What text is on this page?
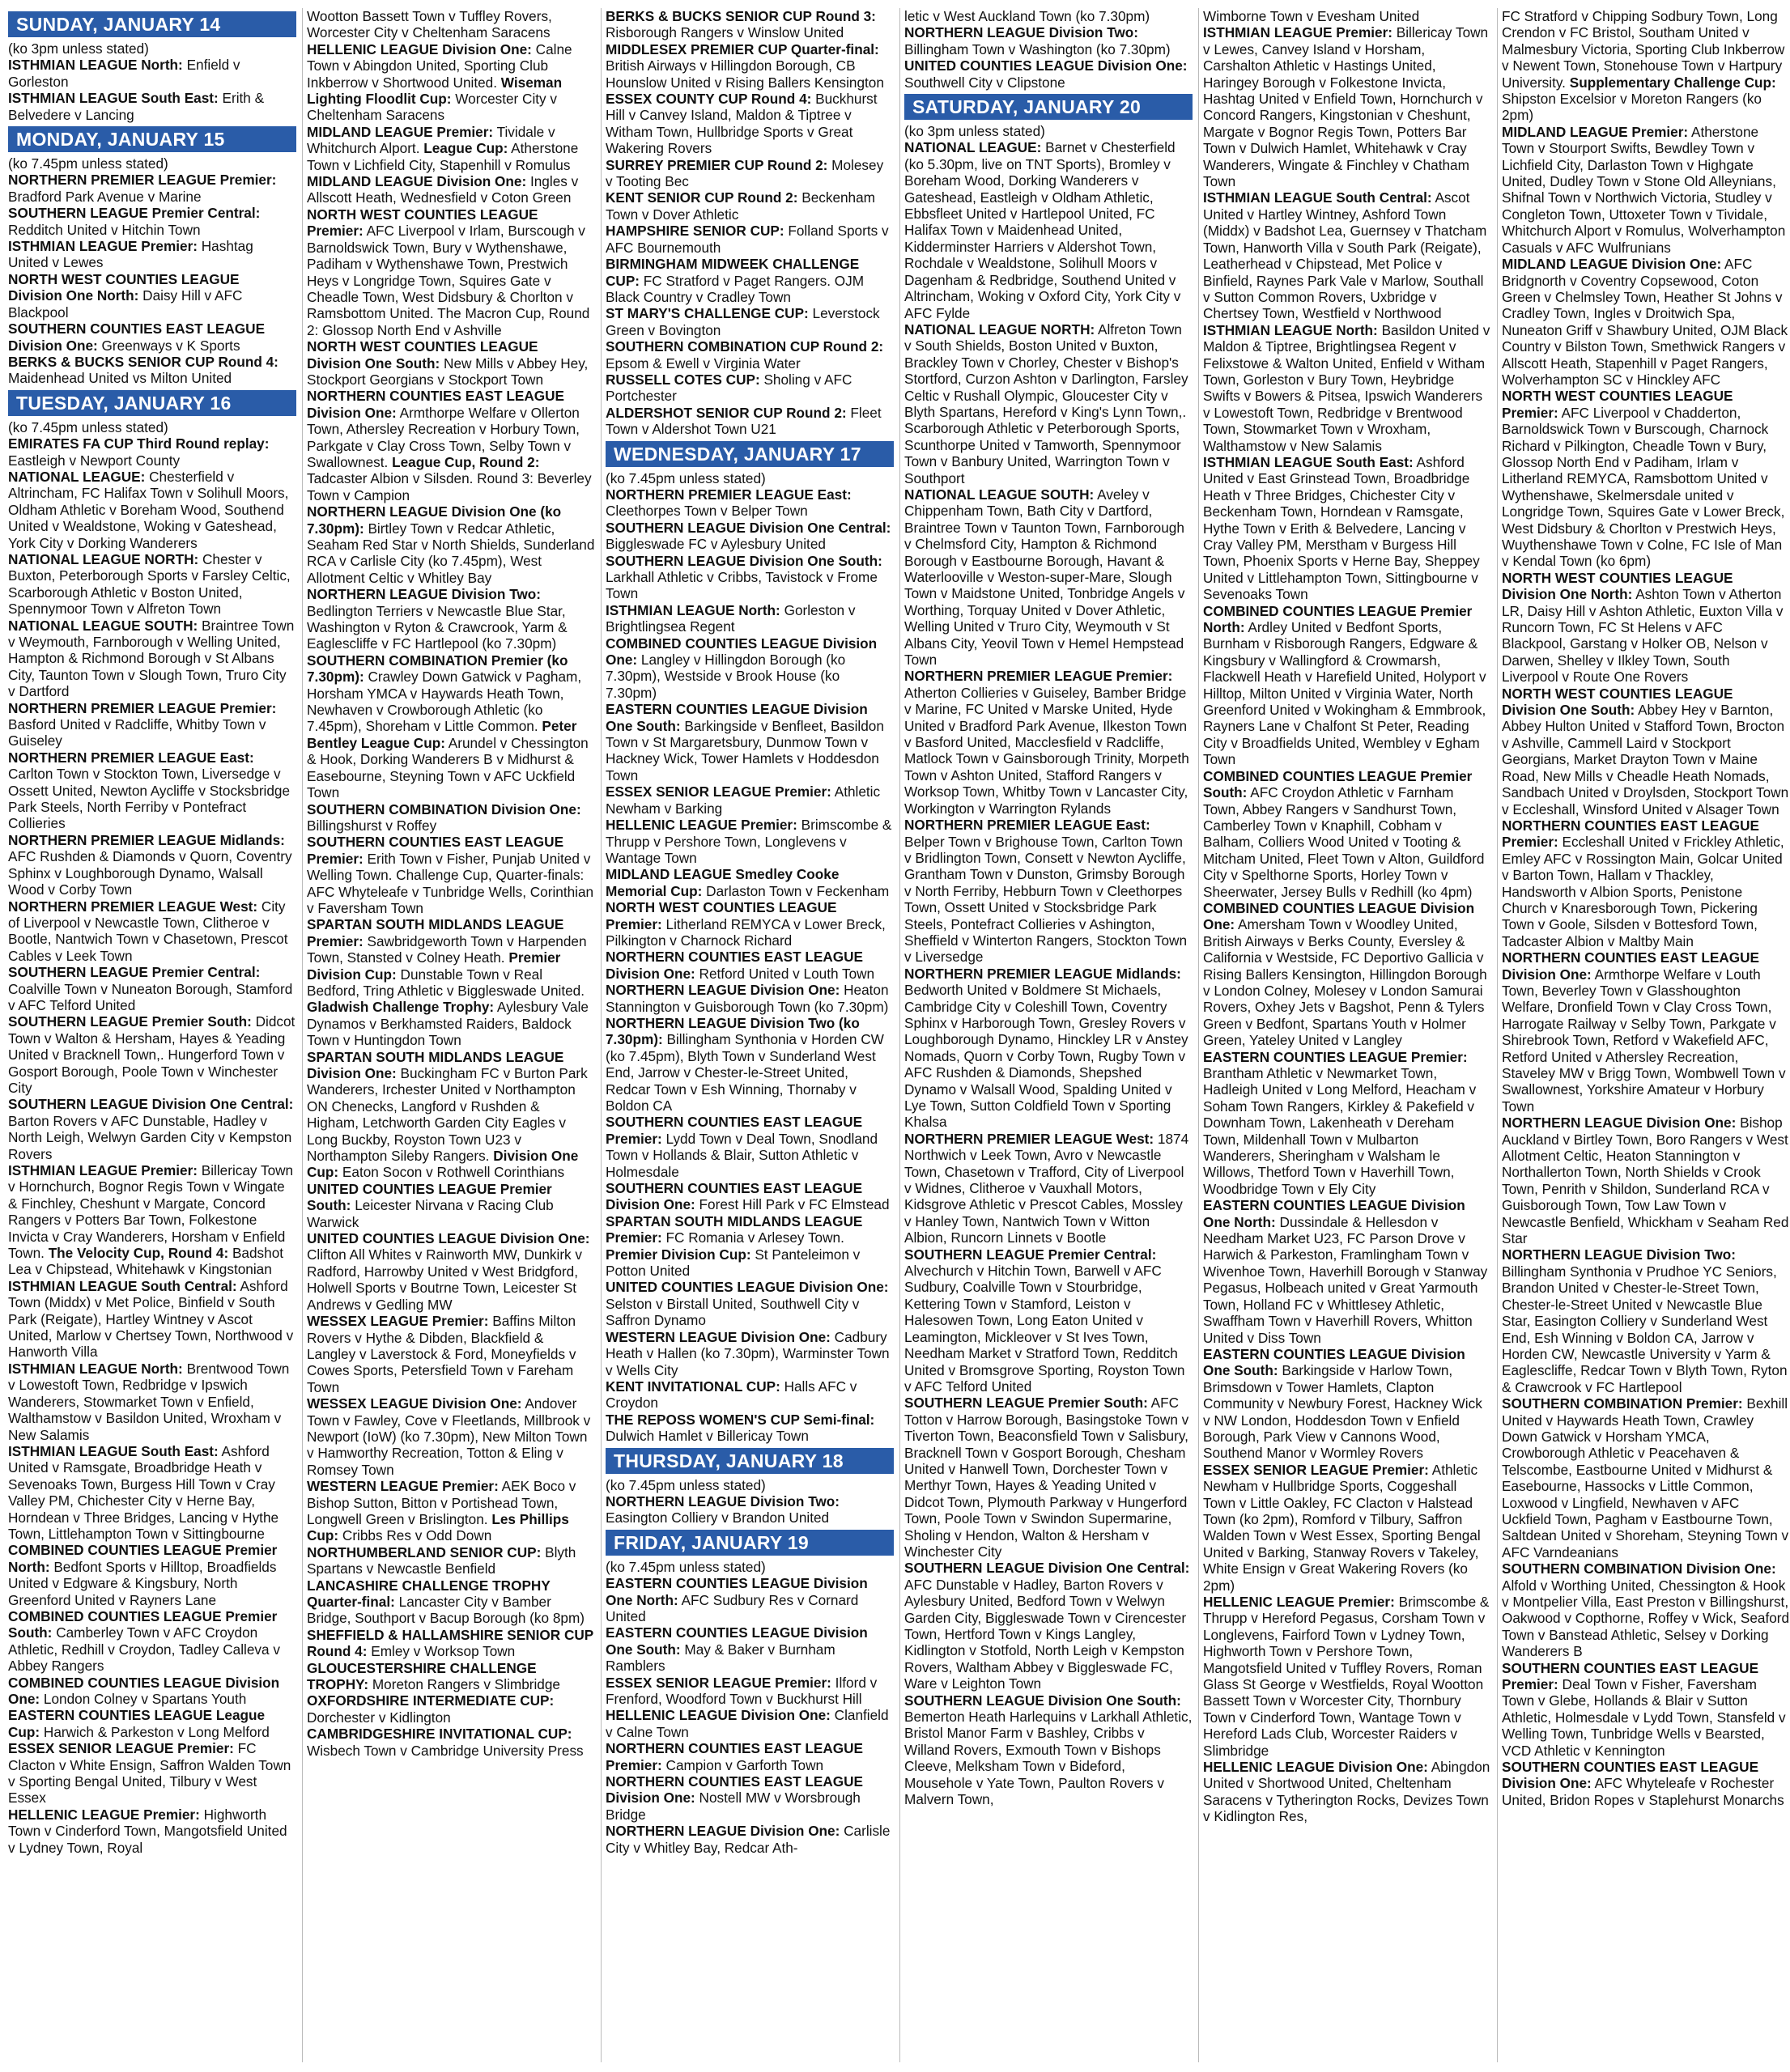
SUNDAY, JANUARY 14

(ko 3pm unless stated)

ISTHMIAN LEAGUE North: Enfield v Gorleston

ISTHMIAN LEAGUE South East: Erith & Belvedere v Lancing

MONDAY, JANUARY 15

(ko 7.45pm unless stated)

NORTHERN PREMIER LEAGUE Premier: Bradford Park Avenue v Marine

SOUTHERN LEAGUE Premier Central: Redditch United v Hitchin Town

ISTHMIAN LEAGUE Premier: Hashtag United v Lewes

NORTH WEST COUNTIES LEAGUE Division One North: Daisy Hill v AFC Blackpool

SOUTHERN COUNTIES EAST LEAGUE Division One: Greenways v K Sports

BERKS & BUCKS SENIOR CUP Round 4: Maidenhead United vs Milton United

TUESDAY, JANUARY 16

(ko 7.45pm unless stated)

EMIRATES FA CUP Third Round replay: Eastleigh v Newport County

NATIONAL LEAGUE: Chesterfield v Altrincham, FC Halifax Town v Solihull Moors, Oldham Athletic v Boreham Wood, Southend United v Wealdstone, Woking v Gateshead, York City v Dorking Wanderers

NATIONAL LEAGUE NORTH: Chester v Buxton, Peterborough Sports v Farsley Celtic, Scarborough Athletic v Boston United, Spennymoor Town v Alfreton Town

NATIONAL LEAGUE SOUTH: Braintree Town v Weymouth, Farnborough v Welling United, Hampton & Richmond Borough v St Albans City, Taunton Town v Slough Town, Truro City v Dartford

NORTHERN PREMIER LEAGUE Premier: Basford United v Radcliffe, Whitby Town v Guiseley

NORTHERN PREMIER LEAGUE East: Carlton Town v Stockton Town, Liversedge v Ossett United, Newton Aycliffe v Stocksbridge Park Steels, North Ferriby v Pontefract Collieries

NORTHERN PREMIER LEAGUE Midlands: AFC Rushden & Diamonds v Quorn, Coventry Sphinx v Loughborough Dynamo, Walsall Wood v Corby Town

NORTHERN PREMIER LEAGUE West: City of Liverpool v Newcastle Town, Clitheroe v Bootle, Nantwich Town v Chasetown, Prescot Cables v Leek Town

SOUTHERN LEAGUE Premier Central: Coalville Town v Nuneaton Borough, Stamford v AFC Telford United

SOUTHERN LEAGUE Premier South: Didcot Town v Walton & Hersham, Hayes & Yeading United v Bracknell Town,. Hungerford Town v Gosport Borough, Poole Town v Winchester City

SOUTHERN LEAGUE Division One Central: Barton Rovers v AFC Dunstable, Hadley v North Leigh, Welwyn Garden City v Kempston Rovers

ISTHMIAN LEAGUE Premier: Billericay Town v Hornchurch, Bognor Regis Town v Wingate & Finchley, Cheshunt v Margate, Concord Rangers v Potters Bar Town, Folkestone Invicta v Cray Wanderers, Horsham v Enfield Town. The Velocity Cup, Round 4: Badshot Lea v Chipstead, Whitehawk v Kingstonian

ISTHMIAN LEAGUE South Central: Ashford Town (Middx) v Met Police, Binfield v South Park (Reigate), Hartley Wintney v Ascot United, Marlow v Chertsey Town, Northwood v Hanworth Villa

ISTHMIAN LEAGUE North: Brentwood Town v Lowestoft Town, Redbridge v Ipswich Wanderers, Stowmarket Town v Enfield, Walthamstow v Basildon United, Wroxham v New Salamis

ISTHMIAN LEAGUE South East: Ashford United v Ramsgate, Broadbridge Heath v Sevenoaks Town, Burgess Hill Town v Cray Valley PM, Chichester City v Herne Bay, Horndean v Three Bridges, Lancing v Hythe Town, Littlehampton Town v Sittingbourne

COMBINED COUNTIES LEAGUE Premier North: Bedfont Sports v Hilltop, Broadfields United v Edgware & Kingsbury, North Greenford United v Rayners Lane

COMBINED COUNTIES LEAGUE Premier South: Camberley Town v AFC Croydon Athletic, Redhill v Croydon, Tadley Calleva v Abbey Rangers

COMBINED COUNTIES LEAGUE Division One: London Colney v Spartans Youth

EASTERN COUNTIES LEAGUE League Cup: Harwich & Parkeston v Long Melford

ESSEX SENIOR LEAGUE Premier: FC Clacton v White Ensign, Saffron Walden Town v Sporting Bengal United, Tilbury v West Essex

HELLENIC LEAGUE Premier: Highworth Town v Cinderford Town, Mangotsfield United v Lydney Town, Royal

Wootton Bassett Town v Tuffley Rovers, Worcester City v Cheltenham Saracens

HELLENIC LEAGUE Division One: Calne Town v Abingdon United, Sporting Club Inkberrow v Shortwood United. Wiseman Lighting Floodlit Cup: Worcester City v Cheltenham Saracens

MIDLAND LEAGUE Premier: Tividale v Whitchurch Alport. League Cup: Atherstone Town v Lichfield City, Stapenhill v Romulus

MIDLAND LEAGUE Division One: Ingles v Allscott Heath, Wednesfield v Coton Green

NORTH WEST COUNTIES LEAGUE Premier: AFC Liverpool v Irlam, Burscough v Barnoldswick Town, Bury v Wythenshawe, Padiham v Wythenshawe Town, Prestwich Heys v Longridge Town, Squires Gate v Cheadle Town, West Didsbury & Chorlton v Ramsbottom United. The Macron Cup, Round 2: Glossop North End v Ashville

NORTH WEST COUNTIES LEAGUE Division One South: New Mills v Abbey Hey, Stockport Georgians v Stockport Town

NORTHERN COUNTIES EAST LEAGUE Division One: Armthorpe Welfare v Ollerton Town, Athersley Recreation v Horbury Town, Parkgate v Clay Cross Town, Selby Town v Swallownest. League Cup, Round 2: Tadcaster Albion v Silsden. Round 3: Beverley Town v Campion

NORTHERN LEAGUE Division One (ko 7.30pm): Birtley Town v Redcar Athletic, Seaham Red Star v North Shields, Sunderland RCA v Carlisle City (ko 7.45pm), West Allotment Celtic v Whitley Bay

NORTHERN LEAGUE Division Two: Bedlington Terriers v Newcastle Blue Star, Washington v Ryton & Crawcrook, Yarm & Eaglescliffe v FC Hartlepool (ko 7.30pm)

SOUTHERN COMBINATION Premier (ko 7.30pm): Crawley Down Gatwick v Pagham, Horsham YMCA v Haywards Heath Town, Newhaven v Crowborough Athletic (ko 7.45pm), Shoreham v Little Common. Peter Bentley League Cup: Arundel v Chessington & Hook, Dorking Wanderers B v Midhurst & Easebourne, Steyning Town v AFC Uckfield Town

SOUTHERN COMBINATION Division One: Billingshurst v Roffey

SOUTHERN COUNTIES EAST LEAGUE Premier: Erith Town v Fisher, Punjab United v Welling Town. Challenge Cup, Quarter-finals: AFC Whyteleafe v Tunbridge Wells, Corinthian v Faversham Town

SPARTAN SOUTH MIDLANDS LEAGUE Premier: Sawbridgeworth Town v Harpenden Town, Stansted v Colney Heath. Premier Division Cup: Dunstable Town v Real Bedford, Tring Athletic v Biggleswade United. Gladwish Challenge Trophy: Aylesbury Vale Dynamos v Berkhamsted Raiders, Baldock Town v Huntingdon Town

SPARTAN SOUTH MIDLANDS LEAGUE Division One: Buckingham FC v Burton Park Wanderers, Irchester United v Northampton ON Chenecks, Langford v Rushden & Higham, Letchworth Garden City Eagles v Long Buckby, Royston Town U23 v Northampton Sileby Rangers. Division One Cup: Eaton Socon v Rothwell Corinthians

UNITED COUNTIES LEAGUE Premier South: Leicester Nirvana v Racing Club Warwick

UNITED COUNTIES LEAGUE Division One: Clifton All Whites v Rainworth MW, Dunkirk v Radford, Harrowby United v West Bridgford, Holwell Sports v Boutrne Town, Leicester St Andrews v Gedling MW

WESSEX LEAGUE Premier: Baffins Milton Rovers v Hythe & Dibden, Blackfield & Langley v Laverstock & Ford, Moneyfields v Cowes Sports, Petersfield Town v Fareham Town

WESSEX LEAGUE Division One: Andover Town v Fawley, Cove v Fleetlands, Millbrook v Newport (IoW) (ko 7.30pm), New Milton Town v Hamworthy Recreation, Totton & Eling v Romsey Town

WESTERN LEAGUE Premier: AEK Boco v Bishop Sutton, Bitton v Portishead Town, Longwell Green v Brislington. Les Phillips Cup: Cribbs Res v Odd Down

NORTHUMBERLAND SENIOR CUP: Blyth Spartans v Newcastle Benfield

LANCASHIRE CHALLENGE TROPHY Quarter-final: Lancaster City v Bamber Bridge, Southport v Bacup Borough (ko 8pm)

SHEFFIELD & HALLAMSHIRE SENIOR CUP Round 4: Emley v Worksop Town

GLOUCESTERSHIRE CHALLENGE TROPHY: Moreton Rangers v Slimbridge

OXFORDSHIRE INTERMEDIATE CUP: Dorchester v Kidlington

CAMBRIDGESHIRE INVITATIONAL CUP: Wisbech Town v Cambridge University Press

BERKS & BUCKS SENIOR CUP Round 3: Risborough Rangers v Winslow United

MIDDLESEX PREMIER CUP Quarter-final: British Airways v Hillingdon Borough, CB Hounslow United v Rising Ballers Kensington

ESSEX COUNTY CUP Round 4: Buckhurst Hill v Canvey Island, Maldon & Tiptree v Witham Town, Hullbridge Sports v Great Wakering Rovers

SURREY PREMIER CUP Round 2: Molesey v Tooting Bec

KENT SENIOR CUP Round 2: Beckenham Town v Dover Athletic

HAMPSHIRE SENIOR CUP: Folland Sports v AFC Bournemouth

BIRMINGHAM MIDWEEK CHALLENGE CUP: FC Stratford v Paget Rangers. OJM Black Country v Cradley Town

ST MARY'S CHALLENGE CUP: Leverstock Green v Bovington

SOUTHERN COMBINATION CUP Round 2: Epsom & Ewell v Virginia Water

RUSSELL COTES CUP: Sholing v AFC Portchester

ALDERSHOT SENIOR CUP Round 2: Fleet Town v Aldershot Town U21

WEDNESDAY, JANUARY 17

(ko 7.45pm unless stated)

NORTHERN PREMIER LEAGUE East: Cleethorpes Town v Belper Town

SOUTHERN LEAGUE Division One Central: Biggleswade FC v Aylesbury United

SOUTHERN LEAGUE Division One South: Larkhall Athletic v Cribbs, Tavistock v Frome Town

ISTHMIAN LEAGUE North: Gorleston v Brightlingsea Regent

COMBINED COUNTIES LEAGUE Division One: Langley v Hillingdon Borough (ko 7.30pm), Westside v Brook House (ko 7.30pm)

EASTERN COUNTIES LEAGUE Division One South: Barkingside v Benfleet, Basildon Town v St Margaretsbury, Dunmow Town v Hackney Wick, Tower Hamlets v Hoddesdon Town

ESSEX SENIOR LEAGUE Premier: Athletic Newham v Barking

HELLENIC LEAGUE Premier: Brimscombe & Thrupp v Pershore Town, Longlevens v Wantage Town

MIDLAND LEAGUE Smedley Cooke Memorial Cup: Darlaston Town v Feckenham

NORTH WEST COUNTIES LEAGUE Premier: Litherland REMYCA v Lower Breck, Pilkington v Charnock Richard

NORTHERN COUNTIES EAST LEAGUE Division One: Retford United v Louth Town

NORTHERN LEAGUE Division One: Heaton Stannington v Guisborough Town (ko 7.30pm)

NORTHERN LEAGUE Division Two (ko 7.30pm): Billingham Synthonia v Horden CW (ko 7.45pm), Blyth Town v Sunderland West End, Jarrow v Chester-le-Street United, Redcar Town v Esh Winning, Thornaby v Boldon CA

SOUTHERN COUNTIES EAST LEAGUE Premier: Lydd Town v Deal Town, Snodland Town v Hollands & Blair, Sutton Athletic v Holmesdale

SOUTHERN COUNTIES EAST LEAGUE Division One: Forest Hill Park v FC Elmstead

SPARTAN SOUTH MIDLANDS LEAGUE Premier: FC Romania v Arlesey Town. Premier Division Cup: St Panteleimon v Potton United

UNITED COUNTIES LEAGUE Division One: Selston v Birstall United, Southwell City v Saffron Dynamo

WESTERN LEAGUE Division One: Cadbury Heath v Hallen (ko 7.30pm), Warminster Town v Wells City

KENT INVITATIONAL CUP: Halls AFC v Croydon

THE REPOSS WOMEN'S CUP Semi-final: Dulwich Hamlet v Billericay Town

THURSDAY, JANUARY 18

(ko 7.45pm unless stated)

NORTHERN LEAGUE Division Two: Easington Colliery v Brandon United

FRIDAY, JANUARY 19

(ko 7.45pm unless stated)

EASTERN COUNTIES LEAGUE Division One North: AFC Sudbury Res v Cornard United

EASTERN COUNTIES LEAGUE Division One South: May & Baker v Burnham Ramblers

ESSEX SENIOR LEAGUE Premier: Ilford v Frenford, Woodford Town v Buckhurst Hill

HELLENIC LEAGUE Division One: Clanfield v Calne Town

NORTHERN COUNTIES EAST LEAGUE Premier: Campion v Garforth Town

NORTHERN COUNTIES EAST LEAGUE Division One: Nostell MW v Worsbrough Bridge

NORTHERN LEAGUE Division One: Carlisle City v Whitley Bay, Redcar Ath-

letic v West Auckland Town (ko 7.30pm)

NORTHERN LEAGUE Division Two: Billingham Town v Washington (ko 7.30pm)

UNITED COUNTIES LEAGUE Division One: Southwell City v Clipstone

SATURDAY, JANUARY 20

(ko 3pm unless stated)

NATIONAL LEAGUE: Barnet v Chesterfield (ko 5.30pm, live on TNT Sports), Bromley v Boreham Wood, Dorking Wanderers v Gateshead, Eastleigh v Oldham Athletic, Ebbsfleet United v Hartlepool United, FC Halifax Town v Maidenhead United, Kidderminster Harriers v Aldershot Town, Rochdale v Wealdstone, Solihull Moors v Dagenham & Redbridge, Southend United v Altrincham, Woking v Oxford City, York City v AFC Fylde

NATIONAL LEAGUE NORTH: Alfreton Town v South Shields, Boston United v Buxton, Brackley Town v Chorley, Chester v Bishop's Stortford, Curzon Ashton v Darlington, Farsley Celtic v Rushall Olympic, Gloucester City v Blyth Spartans, Hereford v King's Lynn Town,. Scarborough Athletic v Peterborough Sports, Scunthorpe United v Tamworth, Spennymoor Town v Banbury United, Warrington Town v Southport

NATIONAL LEAGUE SOUTH: Aveley v Chippenham Town, Bath City v Dartford, Braintree Town v Taunton Town, Farnborough v Chelmsford City, Hampton & Richmond Borough v Eastbourne Borough, Havant & Waterlooville v Weston-super-Mare, Slough Town v Maidstone United, Tonbridge Angels v Worthing, Torquay United v Dover Athletic, Welling United v Truro City, Weymouth v St Albans City, Yeovil Town v Hemel Hempstead Town

NORTHERN PREMIER LEAGUE Premier: Atherton Collieries v Guiseley, Bamber Bridge v Marine, FC United v Marske United, Hyde United v Bradford Park Avenue, Ilkeston Town v Basford United, Macclesfield v Radcliffe, Matlock Town v Gainsborough Trinity, Morpeth Town v Ashton United, Stafford Rangers v Worksop Town, Whitby Town v Lancaster City, Workington v Warrington Rylands

NORTHERN PREMIER LEAGUE East: Belper Town v Brighouse Town, Carlton Town v Bridlington Town, Consett v Newton Aycliffe, Grantham Town v Dunston, Grimsby Borough v North Ferriby, Hebburn Town v Cleethorpes Town, Ossett United v Stocksbridge Park Steels, Pontefract Collieries v Ashington, Sheffield v Winterton Rangers, Stockton Town v Liversedge

NORTHERN PREMIER LEAGUE Midlands: Bedworth United v Boldmere St Michaels, Cambridge City v Coleshill Town, Coventry Sphinx v Harborough Town, Gresley Rovers v Loughborough Dynamo, Hinckley LR v Anstey Nomads, Quorn v Corby Town, Rugby Town v AFC Rushden & Diamonds, Shepshed Dynamo v Walsall Wood, Spalding United v Lye Town, Sutton Coldfield Town v Sporting Khalsa

NORTHERN PREMIER LEAGUE West: 1874 Northwich v Leek Town, Avro v Newcastle Town, Chasetown v Trafford, City of Liverpool v Widnes, Clitheroe v Vauxhall Motors, Kidsgrove Athletic v Prescot Cables, Mossley v Hanley Town, Nantwich Town v Witton Albion, Runcorn Linnets v Bootle

SOUTHERN LEAGUE Premier Central: Alvechurch v Hitchin Town, Barwell v AFC Sudbury, Coalville Town v Stourbridge, Kettering Town v Stamford, Leiston v Halesowen Town, Long Eaton United v Leamington, Mickleover v St Ives Town, Needham Market v Stratford Town, Redditch United v Bromsgrove Sporting, Royston Town v AFC Telford United

SOUTHERN LEAGUE Premier South: AFC Totton v Harrow Borough, Basingstoke Town v Tiverton Town, Beaconsfield Town v Salisbury, Bracknell Town v Gosport Borough, Chesham United v Hanwell Town, Dorchester Town v Merthyr Town, Hayes & Yeading United v Didcot Town, Plymouth Parkway v Hungerford Town, Poole Town v Swindon Supermarine, Sholing v Hendon, Walton & Hersham v Winchester City

SOUTHERN LEAGUE Division One Central: AFC Dunstable v Hadley, Barton Rovers v Aylesbury United, Bedford Town v Welwyn Garden City, Biggleswade Town v Cirencester Town, Hertford Town v Kings Langley, Kidlington v Stotfold, North Leigh v Kempston Rovers, Waltham Abbey v Biggleswade FC, Ware v Leighton Town

SOUTHERN LEAGUE Division One South: Bemerton Heath Harlequins v Larkhall Athletic, Bristol Manor Farm v Bashley, Cribbs v Willand Rovers, Exmouth Town v Bishops Cleeve, Melksham Town v Bideford, Mousehole v Yate Town, Paulton Rovers v Malvern Town,

Wimborne Town v Evesham United

ISTHMIAN LEAGUE Premier: Billericay Town v Lewes, Canvey Island v Horsham, Carshalton Athletic v Hastings United, Haringey Borough v Folkestone Invicta, Hashtag United v Enfield Town, Hornchurch v Concord Rangers, Kingstonian v Cheshunt, Margate v Bognor Regis Town, Potters Bar Town v Dulwich Hamlet, Whitehawk v Cray Wanderers, Wingate & Finchley v Chatham Town

ISTHMIAN LEAGUE South Central: Ascot United v Hartley Wintney, Ashford Town (Middx) v Badshot Lea, Guernsey v Thatcham Town, Hanworth Villa v South Park (Reigate), Leatherhead v Chipstead, Met Police v Binfield, Raynes Park Vale v Marlow, Southall v Sutton Common Rovers, Uxbridge v Chertsey Town, Westfield v Northwood

ISTHMIAN LEAGUE North: Basildon United v Maldon & Tiptree, Brightlingsea Regent v Felixstowe & Walton United, Enfield v Witham Town, Gorleston v Bury Town, Heybridge Swifts v Bowers & Pitsea, Ipswich Wanderers v Lowestoft Town, Redbridge v Brentwood Town, Stowmarket Town v Wroxham, Walthamstow v New Salamis

ISTHMIAN LEAGUE South East: Ashford United v East Grinstead Town, Broadbridge Heath v Three Bridges, Chichester City v Beckenham Town, Horndean v Ramsgate, Hythe Town v Erith & Belvedere, Lancing v Cray Valley PM, Merstham v Burgess Hill Town, Phoenix Sports v Herne Bay, Sheppey United v Littlehampton Town, Sittingbourne v Sevenoaks Town

COMBINED COUNTIES LEAGUE Premier North: Ardley United v Bedfont Sports, Burnham v Risborough Rangers, Edgware & Kingsbury v Wallingford & Crowmarsh, Flackwell Heath v Harefield United, Holyport v Hilltop, Milton United v Virginia Water, North Greenford United v Wokingham & Emmbrook, Rayners Lane v Chalfont St Peter, Reading City v Broadfields United, Wembley v Egham Town

COMBINED COUNTIES LEAGUE Premier South: AFC Croydon Athletic v Farnham Town, Abbey Rangers v Sandhurst Town, Camberley Town v Knaphill, Cobham v Balham, Colliers Wood United v Tooting & Mitcham United, Fleet Town v Alton, Guildford City v Spelthorne Sports, Horley Town v Sheerwater, Jersey Bulls v Redhill (ko 4pm)

COMBINED COUNTIES LEAGUE Division One: Amersham Town v Woodley United, British Airways v Berks County, Eversley & California v Westside, FC Deportivo Gallicia v Rising Ballers Kensington, Hillingdon Borough v London Colney, Molesey v London Samurai Rovers, Oxhey Jets v Bagshot, Penn & Tylers Green v Bedfont, Spartans Youth v Holmer Green, Yateley United v Langley

EASTERN COUNTIES LEAGUE Premier: Brantham Athletic v Newmarket Town, Hadleigh United v Long Melford, Heacham v Soham Town Rangers, Kirkley & Pakefield v Downham Town, Lakenheath v Dereham Town, Mildenhall Town v Mulbarton Wanderers, Sheringham v Walsham le Willows, Thetford Town v Haverhill Town, Woodbridge Town v Ely City

EASTERN COUNTIES LEAGUE Division One North: Dussindale & Hellesdon v Needham Market U23, FC Parson Drove v Harwich & Parkeston, Framlingham Town v Wivenhoe Town, Haverhill Borough v Stanway Pegasus, Holbeach united v Great Yarmouth Town, Holland FC v Whittlesey Athletic, Swaffham Town v Haverhill Rovers, Whitton United v Diss Town

EASTERN COUNTIES LEAGUE Division One South: Barkingside v Harlow Town, Brimsdown v Tower Hamlets, Clapton Community v Newbury Forest, Hackney Wick v NW London, Hoddesdon Town v Enfield Borough, Park View v Cannons Wood, Southend Manor v Wormley Rovers

ESSEX SENIOR LEAGUE Premier: Athletic Newham v Hullbridge Sports, Coggeshall Town v Little Oakley, FC Clacton v Halstead Town (ko 2pm), Romford v Tilbury, Saffron Walden Town v West Essex, Sporting Bengal United v Barking, Stanway Rovers v Takeley, White Ensign v Great Wakering Rovers (ko 2pm)

HELLENIC LEAGUE Premier: Brimscombe & Thrupp v Hereford Pegasus, Corsham Town v Longlevens, Fairford Town v Lydney Town, Highworth Town v Pershore Town, Mangotsfield United v Tuffley Rovers, Roman Glass St George v Westfields, Royal Wootton Bassett Town v Worcester City, Thornbury Town v Cinderford Town, Wantage Town v Hereford Lads Club, Worcester Raiders v Slimbridge

HELLENIC LEAGUE Division One: Abingdon United v Shortwood United, Cheltenham Saracens v Tytherington Rocks, Devizes Town v Kidlington Res,

FC Stratford v Chipping Sodbury Town, Long Crendon v FC Bristol, Southam United v Malmesbury Victoria, Sporting Club Inkberrow v Newent Town, Stonehouse Town v Hartpury University. Supplementary Challenge Cup: Shipston Excelsior v Moreton Rangers (ko 2pm)

MIDLAND LEAGUE Premier: Atherstone Town v Stourport Swifts, Bewdley Town v Lichfield City, Darlaston Town v Highgate United, Dudley Town v Stone Old Alleynians, Shifnal Town v Northwich Victoria, Studley v Congleton Town, Uttoxeter Town v Tividale, Whitchurch Alport v Romulus, Wolverhampton Casuals v AFC Wulfrunians

MIDLAND LEAGUE Division One: AFC Bridgnorth v Coventry Copsewood, Coton Green v Chelmsley Town, Heather St Johns v Cradley Town, Ingles v Droitwich Spa, Nuneaton Griff v Shawbury United, OJM Black Country v Bilston Town, Smethwick Rangers v Allscott Heath, Stapenhill v Paget Rangers, Wolverhampton SC v Hinckley AFC

NORTH WEST COUNTIES LEAGUE Premier: AFC Liverpool v Chadderton, Barnoldswick Town v Burscough, Charnock Richard v Pilkington, Cheadle Town v Bury, Glossop North End v Padiham, Irlam v Litherland REMYCA, Ramsbottom United v Wythenshawe, Skelmersdale united v Longridge Town, Squires Gate v Lower Breck, West Didsbury & Chorlton v Prestwich Heys, Wuythenshawe Town v Colne, FC Isle of Man v Kendal Town (ko 6pm)

NORTH WEST COUNTIES LEAGUE Division One North: Ashton Town v Atherton LR, Daisy Hill v Ashton Athletic, Euxton Villa v Runcorn Town, FC St Helens v AFC Blackpool, Garstang v Holker OB, Nelson v Darwen, Shelley v Ilkley Town, South Liverpool v Route One Rovers

NORTH WEST COUNTIES LEAGUE Division One South: Abbey Hey v Barnton, Abbey Hulton United v Stafford Town, Brocton v Ashville, Cammell Laird v Stockport Georgians, Market Drayton Town v Maine Road, New Mills v Cheadle Heath Nomads, Sandbach United v Droylsden, Stockport Town v Eccleshall, Winsford United v Alsager Town

NORTHERN COUNTIES EAST LEAGUE Premier: Eccleshall United v Frickley Athletic, Emley AFC v Rossington Main, Golcar United v Barton Town, Hallam v Thackley, Handsworth v Albion Sports, Penistone Church v Knaresborough Town, Pickering Town v Goole, Silsden v Bottesford Town, Tadcaster Albion v Maltby Main

NORTHERN COUNTIES EAST LEAGUE Division One: Armthorpe Welfare v Louth Town, Beverley Town v Glasshoughton Welfare, Dronfield Town v Clay Cross Town, Harrogate Railway v Selby Town, Parkgate v Shirebrook Town, Retford v Wakefield AFC, Retford United v Athersley Recreation, Staveley MW v Brigg Town, Wombwell Town v Swallownest, Yorkshire Amateur v Horbury Town

NORTHERN LEAGUE Division One: Bishop Auckland v Birtley Town, Boro Rangers v West Allotment Celtic, Heaton Stannington v Northallerton Town, North Shields v Crook Town, Penrith v Shildon, Sunderland RCA v Guisborough Town, Tow Law Town v Newcastle Benfield, Whickham v Seaham Red Star

NORTHERN LEAGUE Division Two: Billingham Synthonia v Prudhoe YC Seniors, Brandon United v Chester-le-Street Town, Chester-le-Street United v Newcastle Blue Star, Easington Colliery v Sunderland West End, Esh Winning v Boldon CA, Jarrow v Horden CW, Newcastle University v Yarm & Eaglescliffe, Redcar Town v Blyth Town, Ryton & Crawcrook v FC Hartlepool

SOUTHERN COMBINATION Premier: Bexhill United v Haywards Heath Town, Crawley Down Gatwick v Horsham YMCA, Crowborough Athletic v Peacehaven & Telscombe, Eastbourne United v Midhurst & Easebourne, Hassocks v Little Common, Loxwood v Lingfield, Newhaven v AFC Uckfield Town, Pagham v Eastbourne Town, Saltdean United v Shoreham, Steyning Town v AFC Varndeanians

SOUTHERN COMBINATION Division One: Alfold v Worthing United, Chessington & Hook v Montpelier Villa, East Preston v Billingshurst, Oakwood v Copthorne, Roffey v Wick, Seaford Town v Banstead Athletic, Selsey v Dorking Wanderers B

SOUTHERN COUNTIES EAST LEAGUE Premier: Deal Town v Fisher, Faversham Town v Glebe, Hollands & Blair v Sutton Athletic, Holmesdale v Lydd Town, Stansfeld v Welling Town, Tunbridge Wells v Bearsted, VCD Athletic v Kennington

SOUTHERN COUNTIES EAST LEAGUE Division One: AFC Whyteleafe v Rochester United, Bridon Ropes v Staplehurst Monarchs
